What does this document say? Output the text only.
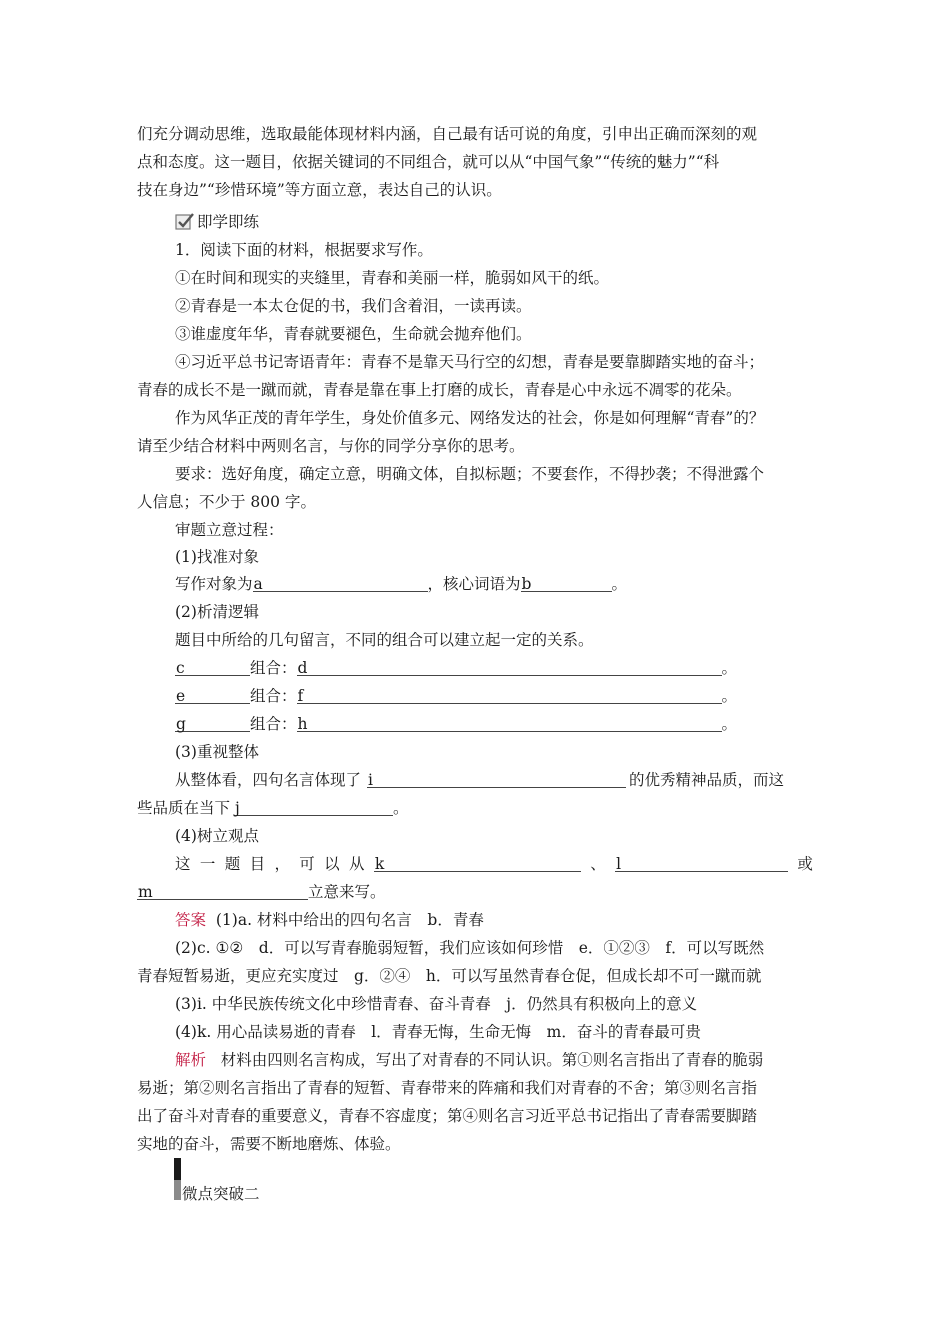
们充分调动思维，选取最能体现材料内涵，自己最有话可说的角度，引申出正确而深刻的观
点和态度。这一题目，依据关键词的不同组合，就可以从“中国气象”“传统的魅力”“科
技在身边”“珍惜环境”等方面立意，表达自己的认识。
即学即练
1．阅读下面的材料，根据要求写作。
①在时间和现实的夹缝里，青春和美丽一样，脆弱如风干的纸。
②青春是一本太仓促的书，我们含着泪，一读再读。
③谁虚度年华，青春就要褪色，生命就会抛弃他们。
④习近平总书记寄语青年：青春不是靠天马行空的幻想，青春是要靠脚踏实地的奋斗；
青春的成长不是一蹴而就，青春是靠在事上打磨的成长，青春是心中永远不凋零的花朵。
作为风华正茂的青年学生，身处价值多元、网络发达的社会，你是如何理解“青春”的？
请至少结合材料中两则名言，与你的同学分享你的思考。
要求：选好角度，确定立意，明确文体，自拟标题；不要套作，不得抄袭；不得泄露个
人信息；不少于 800 字。
审题立意过程：
(1)找准对象
写作对象为a	，核心词语为b	。
(2)析清逻辑
题目中所给的几句留言，不同的组合可以建立起一定的关系。
c	组合：d	。
e	组合：f	。
g	组合：h	。
(3)重视整体
从整体看，四句名言体现了 i	的优秀精神品质，而这
些品质在当下 j	。
(4)树立观点
这 一 题 目 ， 可 以 从 k	、 l	或
m	立意来写。
答案 (1)a. 材料中给出的四句名言　b．青春
(2)c. ①②　d．可以写青春脆弱短暂，我们应该如何珍惜　e．①②③　f．可以写既然
青春短暂易逝，更应充实度过　g．②④　h．可以写虽然青春仓促，但成长却不可一蹴而就
(3)i. 中华民族传统文化中珍惜青春、奋斗青春　j．仍然具有积极向上的意义
(4)k. 用心品读易逝的青春　l．青春无悔，生命无悔　m．奋斗的青春最可贵
解析 材料由四则名言构成，写出了对青春的不同认识。第①则名言指出了青春的脆弱
易逝；第②则名言指出了青春的短暂、青春带来的阵痛和我们对青春的不舍；第③则名言指
出了奋斗对青春的重要意义，青春不容虚度；第④则名言习近平总书记指出了青春需要脚踏
实地的奋斗，需要不断地磨炼、体验。
微点突破二
